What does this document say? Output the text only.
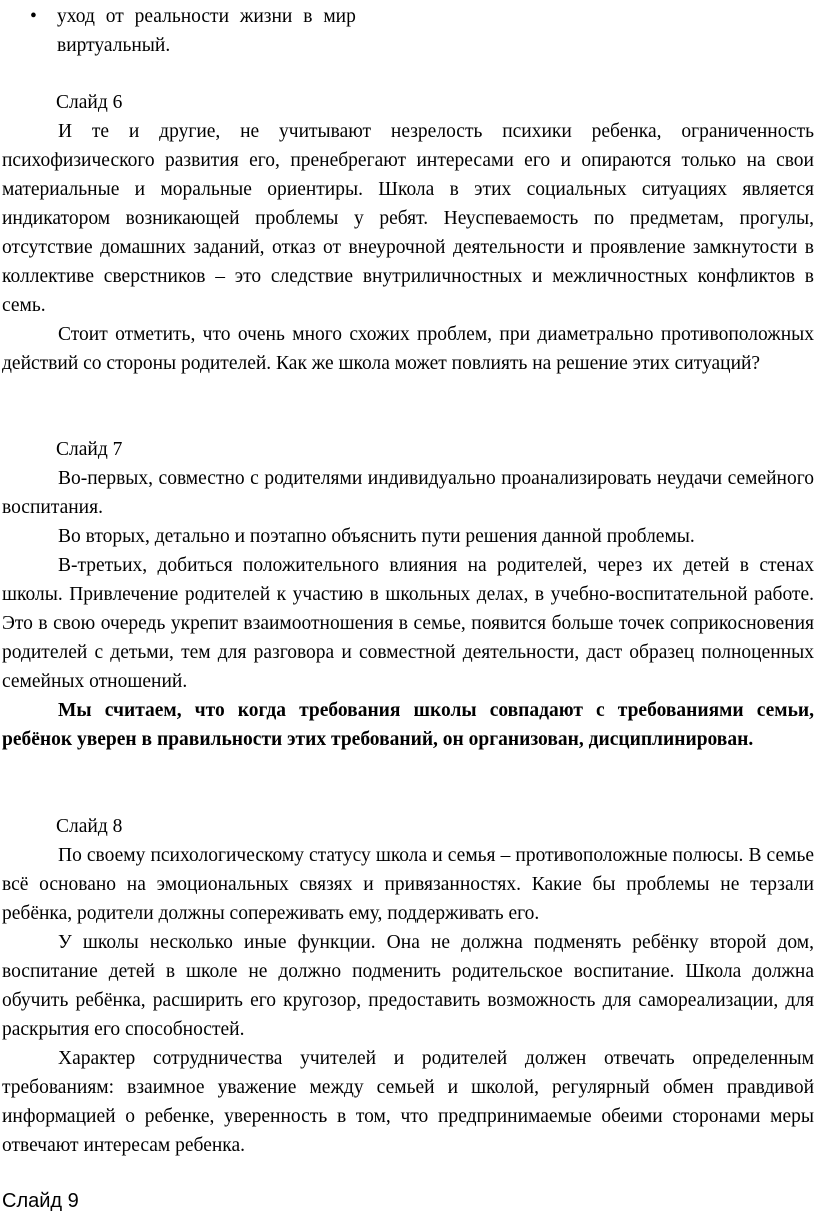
•	уход от реальности жизни в мир виртуальный.
Слайд 6
И те и другие, не учитывают незрелость психики ребенка, ограниченность психофизического развития его, пренебрегают интересами его и опираются только на свои материальные и моральные ориентиры. Школа в этих социальных ситуациях является индикатором возникающей проблемы у ребят. Неуспеваемость по предметам, прогулы, отсутствие домашних заданий, отказ от внеурочной деятельности и проявление замкнутости в коллективе сверстников – это следствие внутриличностных и межличностных конфликтов в семь.
Стоит отметить, что очень много схожих проблем, при диаметрально противоположных действий со стороны родителей. Как же школа может повлиять на решение этих ситуаций?
Слайд 7
Во-первых, совместно с родителями индивидуально проанализировать неудачи семейного воспитания.
Во вторых, детально и поэтапно объяснить пути решения данной проблемы.
В-третьих, добиться положительного влияния на родителей, через их детей в стенах школы. Привлечение родителей к участию в школьных делах, в учебно-воспитательной работе. Это в свою очередь укрепит взаимоотношения в семье, появится больше точек соприкосновения родителей с детьми, тем для разговора и совместной деятельности, даст образец полноценных семейных отношений.
Мы считаем, что когда требования школы совпадают с требованиями семьи, ребёнок уверен в правильности этих требований, он организован, дисциплинирован.
Слайд 8
По своему психологическому статусу школа и семья – противоположные полюсы. В семье всё основано на эмоциональных связях и привязанностях. Какие бы проблемы не терзали ребёнка, родители должны сопереживать ему, поддерживать его.
У школы несколько иные функции. Она не должна подменять ребёнку второй дом, воспитание детей в школе не должно подменить родительское воспитание. Школа должна обучить ребёнка, расширить его кругозор, предоставить возможность для самореализации, для раскрытия его способностей.
Характер сотрудничества учителей и родителей должен отвечать определенным требованиям: взаимное уважение между семьей и школой, регулярный обмен правдивой информацией о ребенке, уверенность в том, что предпринимаемые обеими сторонами меры отвечают интересам ребенка.
Слайд 9
